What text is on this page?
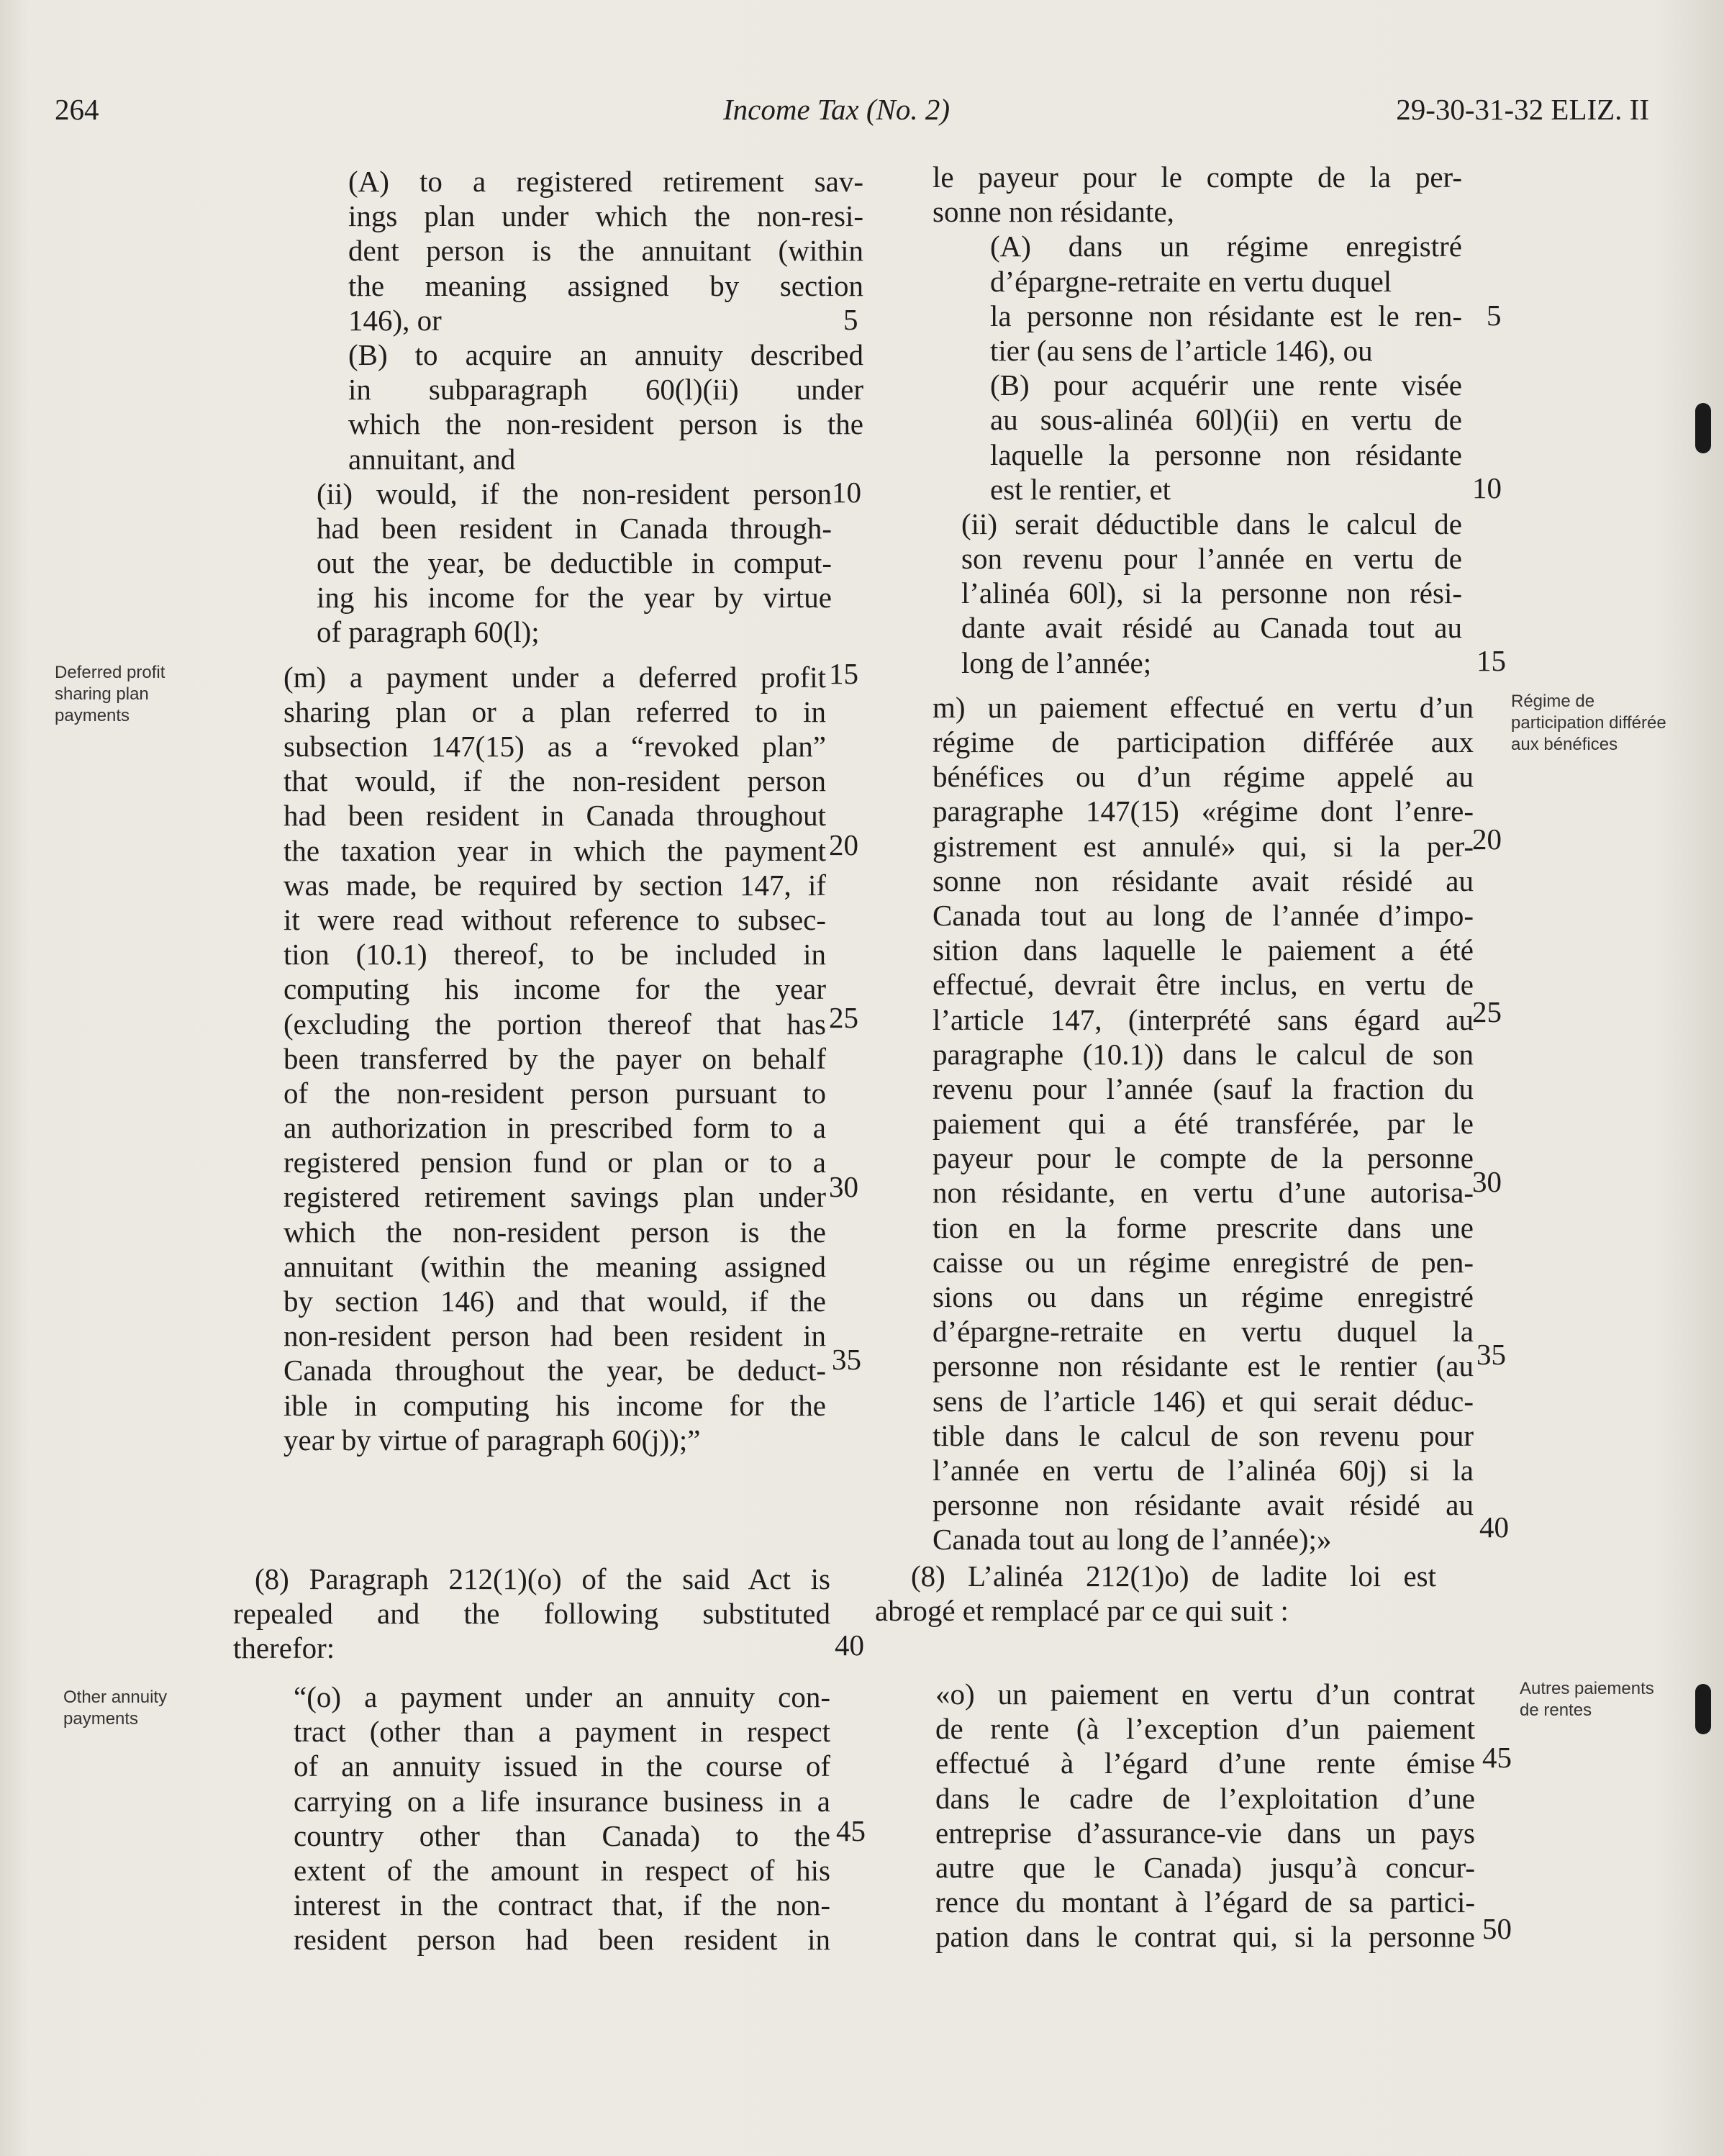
264	Income Tax (No. 2)	29-30-31-32 ELIZ. II
Deferred profit sharing plan payments
Other annuity payments
Régime de participation différée aux bénéfices
Autres paiements de rentes
5
10
15
20
25
30
35
40
45
5
10
15
20
25
30
35
40
45
50
(A) to a registered retirement sav-
ings plan under which the non-resi-
dent person is the annuitant (within
the meaning assigned by section
146), or
(B) to acquire an annuity described
in subparagraph 60(l)(ii) under
which the non-resident person is the
annuitant, and
(ii) would, if the non-resident person
had been resident in Canada through-
out the year, be deductible in comput-
ing his income for the year by virtue
of paragraph 60(l);
(m) a payment under a deferred profit
sharing plan or a plan referred to in
subsection 147(15) as a “revoked plan”
that would, if the non-resident person
had been resident in Canada throughout
the taxation year in which the payment
was made, be required by section 147, if
it were read without reference to subsec-
tion (10.1) thereof, to be included in
computing his income for the year
(excluding the portion thereof that has
been transferred by the payer on behalf
of the non-resident person pursuant to
an authorization in prescribed form to a
registered pension fund or plan or to a
registered retirement savings plan under
which the non-resident person is the
annuitant (within the meaning assigned
by section 146) and that would, if the
non-resident person had been resident in
Canada throughout the year, be deduct-
ible in computing his income for the
year by virtue of paragraph 60(j));”
(8) Paragraph 212(1)(o) of the said Act is
repealed and the following substituted
therefor:
“(o) a payment under an annuity con-
tract (other than a payment in respect
of an annuity issued in the course of
carrying on a life insurance business in a
country other than Canada) to the
extent of the amount in respect of his
interest in the contract that, if the non-
resident person had been resident in
le payeur pour le compte de la per-
sonne non résidante,
(A) dans un régime enregistré
d’épargne-retraite en vertu duquel
la personne non résidante est le ren-
tier (au sens de l’article 146), ou
(B) pour acquérir une rente visée
au sous-alinéa 60l)(ii) en vertu de
laquelle la personne non résidante
est le rentier, et
(ii) serait déductible dans le calcul de
son revenu pour l’année en vertu de
l’alinéa 60l), si la personne non rési-
dante avait résidé au Canada tout au
long de l’année;
m) un paiement effectué en vertu d’un
régime de participation différée aux
bénéfices ou d’un régime appelé au
paragraphe 147(15) «régime dont l’enre-
gistrement est annulé» qui, si la per-
sonne non résidante avait résidé au
Canada tout au long de l’année d’impo-
sition dans laquelle le paiement a été
effectué, devrait être inclus, en vertu de
l’article 147, (interprété sans égard au
paragraphe (10.1)) dans le calcul de son
revenu pour l’année (sauf la fraction du
paiement qui a été transférée, par le
payeur pour le compte de la personne
non résidante, en vertu d’une autorisa-
tion en la forme prescrite dans une
caisse ou un régime enregistré de pen-
sions ou dans un régime enregistré
d’épargne-retraite en vertu duquel la
personne non résidante est le rentier (au
sens de l’article 146) et qui serait déduc-
tible dans le calcul de son revenu pour
l’année en vertu de l’alinéa 60j) si la
personne non résidante avait résidé au
Canada tout au long de l’année);»
(8) L’alinéa 212(1)o) de ladite loi est
abrogé et remplacé par ce qui suit :
«o) un paiement en vertu d’un contrat
de rente (à l’exception d’un paiement
effectué à l’égard d’une rente émise
dans le cadre de l’exploitation d’une
entreprise d’assurance-vie dans un pays
autre que le Canada) jusqu’à concur-
rence du montant à l’égard de sa partici-
pation dans le contrat qui, si la personne
